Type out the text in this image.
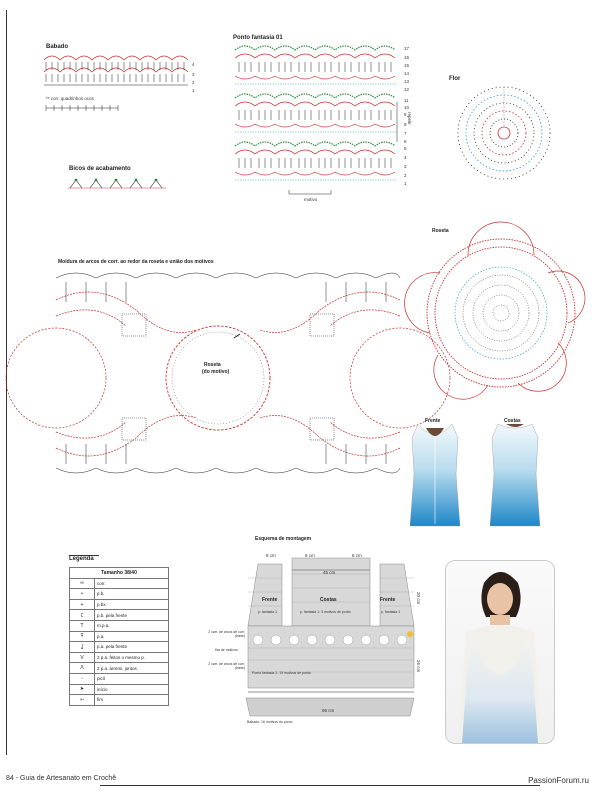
Babado
4
3
2
1
** corr. quadrinhos ocos
Bicos de acabamento
Ponto fantasia 01
17
16
15
14
13
12
11
10
9
8
7
6
5
4
3
2
1
repetir
motivo
Flor
Roseta
Moldura de arcos de corr. ao redor da roseta e união dos motivos
Roseta
(do motivo)
Frente	Costas
Esquema de montagem
8 cm	8 cm	8 cm
45 cm
Frente	Costas	Frente
p. fantasia 1	p. fantasia 1: 3 motivos de ponto	p. fantasia 1
2 carr. de arcos de corr. (base)
tira de motivos
2 carr. de arcos de corr. (base)
Ponto fantasia 1: 19 motivos de ponto
20 cm
26 cm
96 cm
Babado: 16 motivos do ponto
Legenda
Tamanho 38/40	
∞	corr.
•	p.b.
+	p.bx.
ʗ	p.b. pela frente
Ƭ	m.p.a.
Ŧ	p.a.
ʆ	p.a. pela frente
V	2 p.a. feitos o mesmo p.
Λ	2 p.a. arremi. juntos
◦	picô
➤	início
➳	fim
84 - Guia de Artesanato em Crochê	PassionForum.ru
